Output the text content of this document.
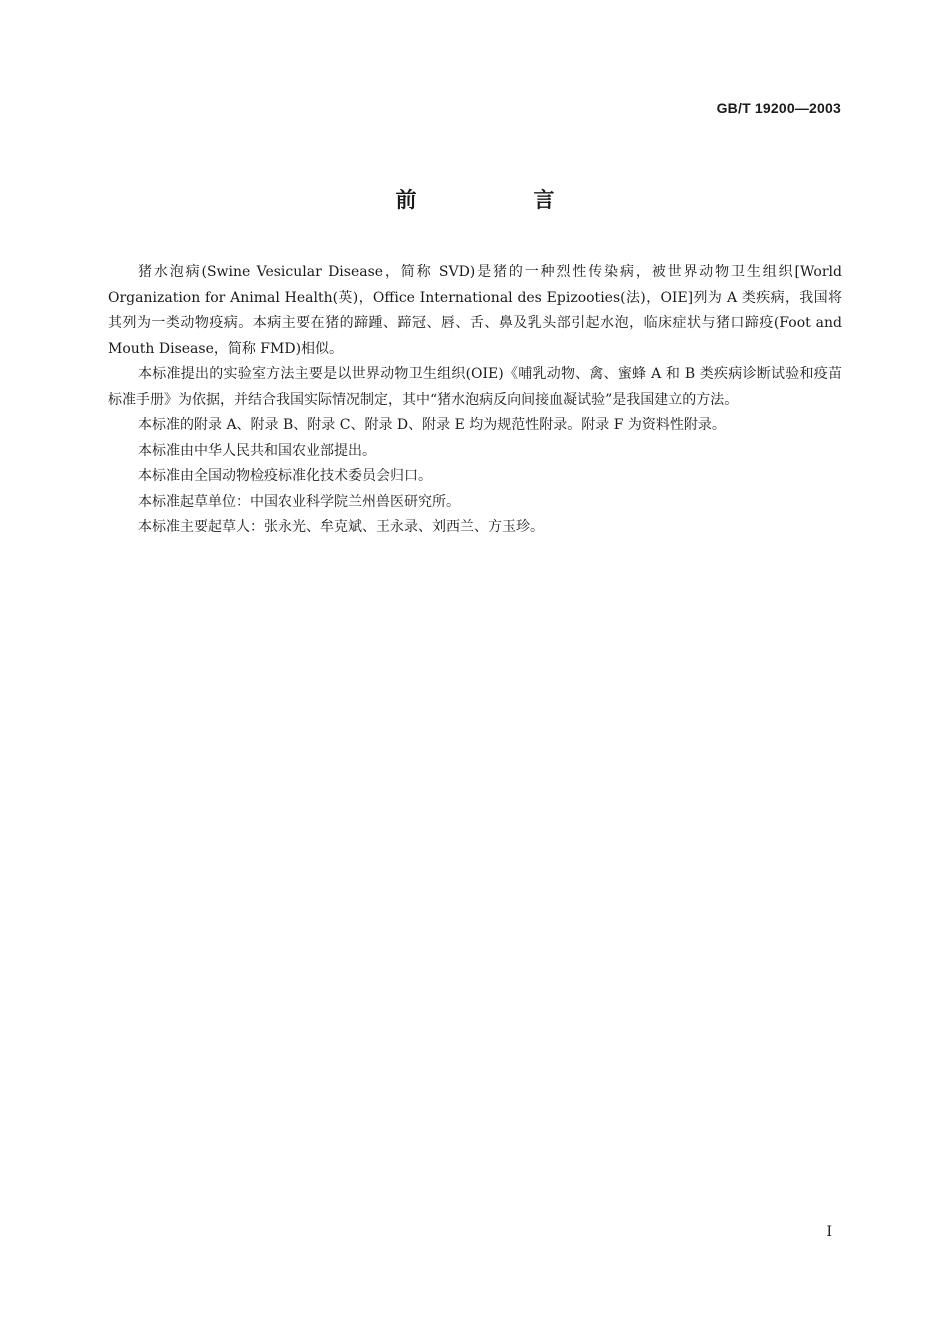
GB/T 19200—2003
前　言

猪水泡病(Swine Vesicular Disease，简称 SVD)是猪的一种烈性传染病，被世界动物卫生组织[World Organization for Animal Health(英)，Office International des Epizooties(法)，OIE]列为 A 类疾病，我国将其列为一类动物疫病。本病主要在猪的蹄踵、蹄冠、唇、舌、鼻及乳头部引起水泡，临床症状与猪口蹄疫(Foot and Mouth Disease，简称 FMD)相似。

本标准提出的实验室方法主要是以世界动物卫生组织(OIE)《哺乳动物、禽、蜜蜂 A 和 B 类疾病诊断试验和疫苗标准手册》为依据，并结合我国实际情况制定，其中“猪水泡病反向间接血凝试验”是我国建立的方法。

本标准的附录 A、附录 B、附录 C、附录 D、附录 E 均为规范性附录。附录 F 为资料性附录。

本标准由中华人民共和国农业部提出。

本标准由全国动物检疫标准化技术委员会归口。

本标准起草单位：中国农业科学院兰州兽医研究所。

本标准主要起草人：张永光、牟克斌、王永录、刘西兰、方玉珍。

I
